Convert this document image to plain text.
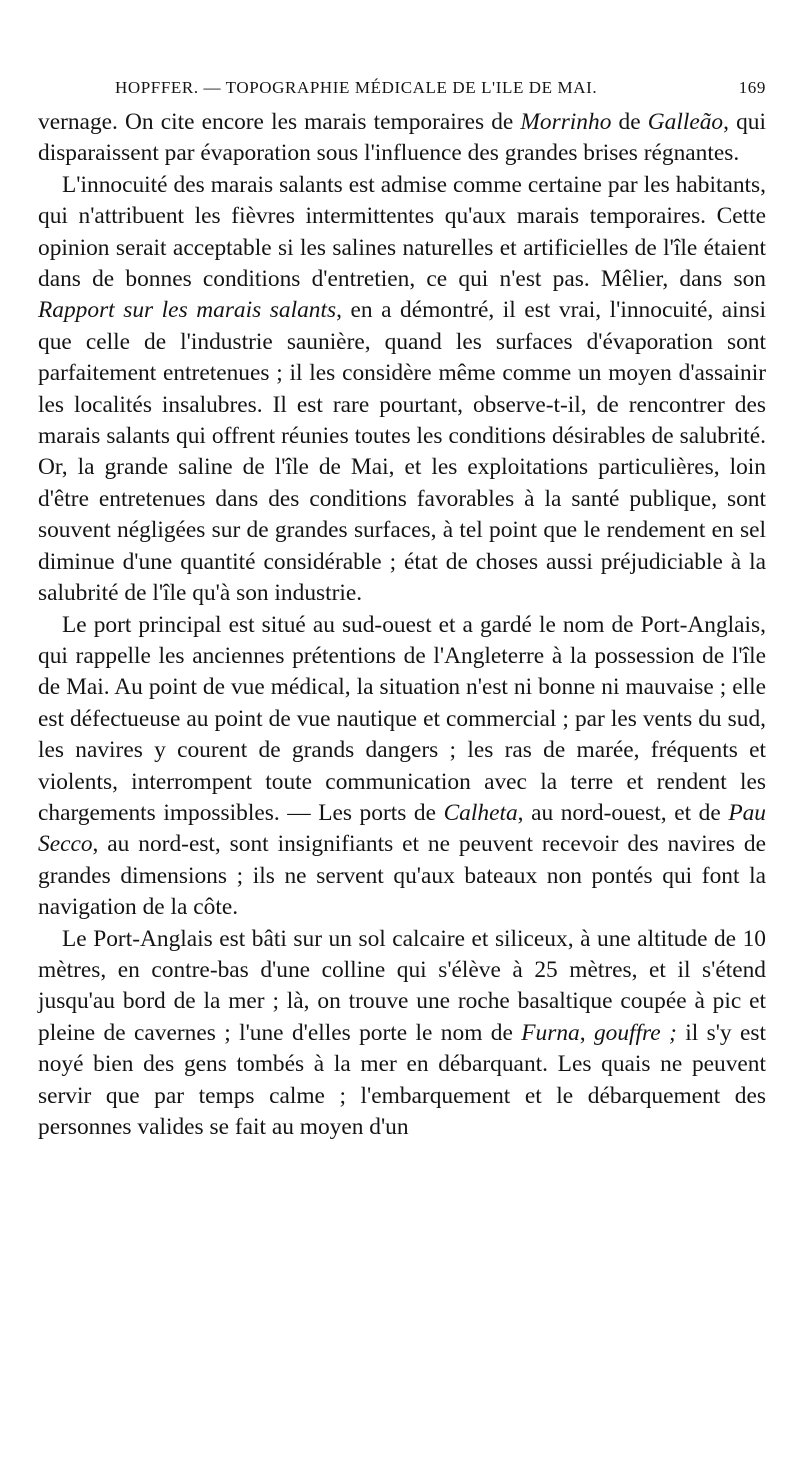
HOPFFER. — TOPOGRAPHIE MÉDICALE DE L'ILE DE MAI.	169

vernage. On cite encore les marais temporaires de Morrinho de Galleão, qui disparaissent par évaporation sous l'influence des grandes brises régnantes.

L'innocuité des marais salants est admise comme certaine par les habitants, qui n'attribuent les fièvres intermittentes qu'aux marais temporaires. Cette opinion serait acceptable si les salines naturelles et artificielles de l'île étaient dans de bonnes conditions d'entretien, ce qui n'est pas. Mêlier, dans son Rapport sur les marais salants, en a démontré, il est vrai, l'innocuité, ainsi que celle de l'industrie saunière, quand les surfaces d'évaporation sont parfaitement entretenues ; il les considère même comme un moyen d'assainir les localités insalubres. Il est rare pourtant, observe-t-il, de rencontrer des marais salants qui offrent réunies toutes les conditions désirables de salubrité. Or, la grande saline de l'île de Mai, et les exploitations particulières, loin d'être entretenues dans des conditions favorables à la santé publique, sont souvent négligées sur de grandes surfaces, à tel point que le rendement en sel diminue d'une quantité considérable ; état de choses aussi préjudiciable à la salubrité de l'île qu'à son industrie.

Le port principal est situé au sud-ouest et a gardé le nom de Port-Anglais, qui rappelle les anciennes prétentions de l'Angleterre à la possession de l'île de Mai. Au point de vue médical, la situation n'est ni bonne ni mauvaise ; elle est défectueuse au point de vue nautique et commercial ; par les vents du sud, les navires y courent de grands dangers ; les ras de marée, fréquents et violents, interrompent toute communication avec la terre et rendent les chargements impossibles. — Les ports de Calheta, au nord-ouest, et de Pau Secco, au nord-est, sont insignifiants et ne peuvent recevoir des navires de grandes dimensions ; ils ne servent qu'aux bateaux non pontés qui font la navigation de la côte.

Le Port-Anglais est bâti sur un sol calcaire et siliceux, à une altitude de 10 mètres, en contre-bas d'une colline qui s'élève à 25 mètres, et il s'étend jusqu'au bord de la mer ; là, on trouve une roche basaltique coupée à pic et pleine de cavernes ; l'une d'elles porte le nom de Furna, gouffre ; il s'y est noyé bien des gens tombés à la mer en débarquant. Les quais ne peuvent servir que par temps calme ; l'embarquement et le débarquement des personnes valides se fait au moyen d'un
